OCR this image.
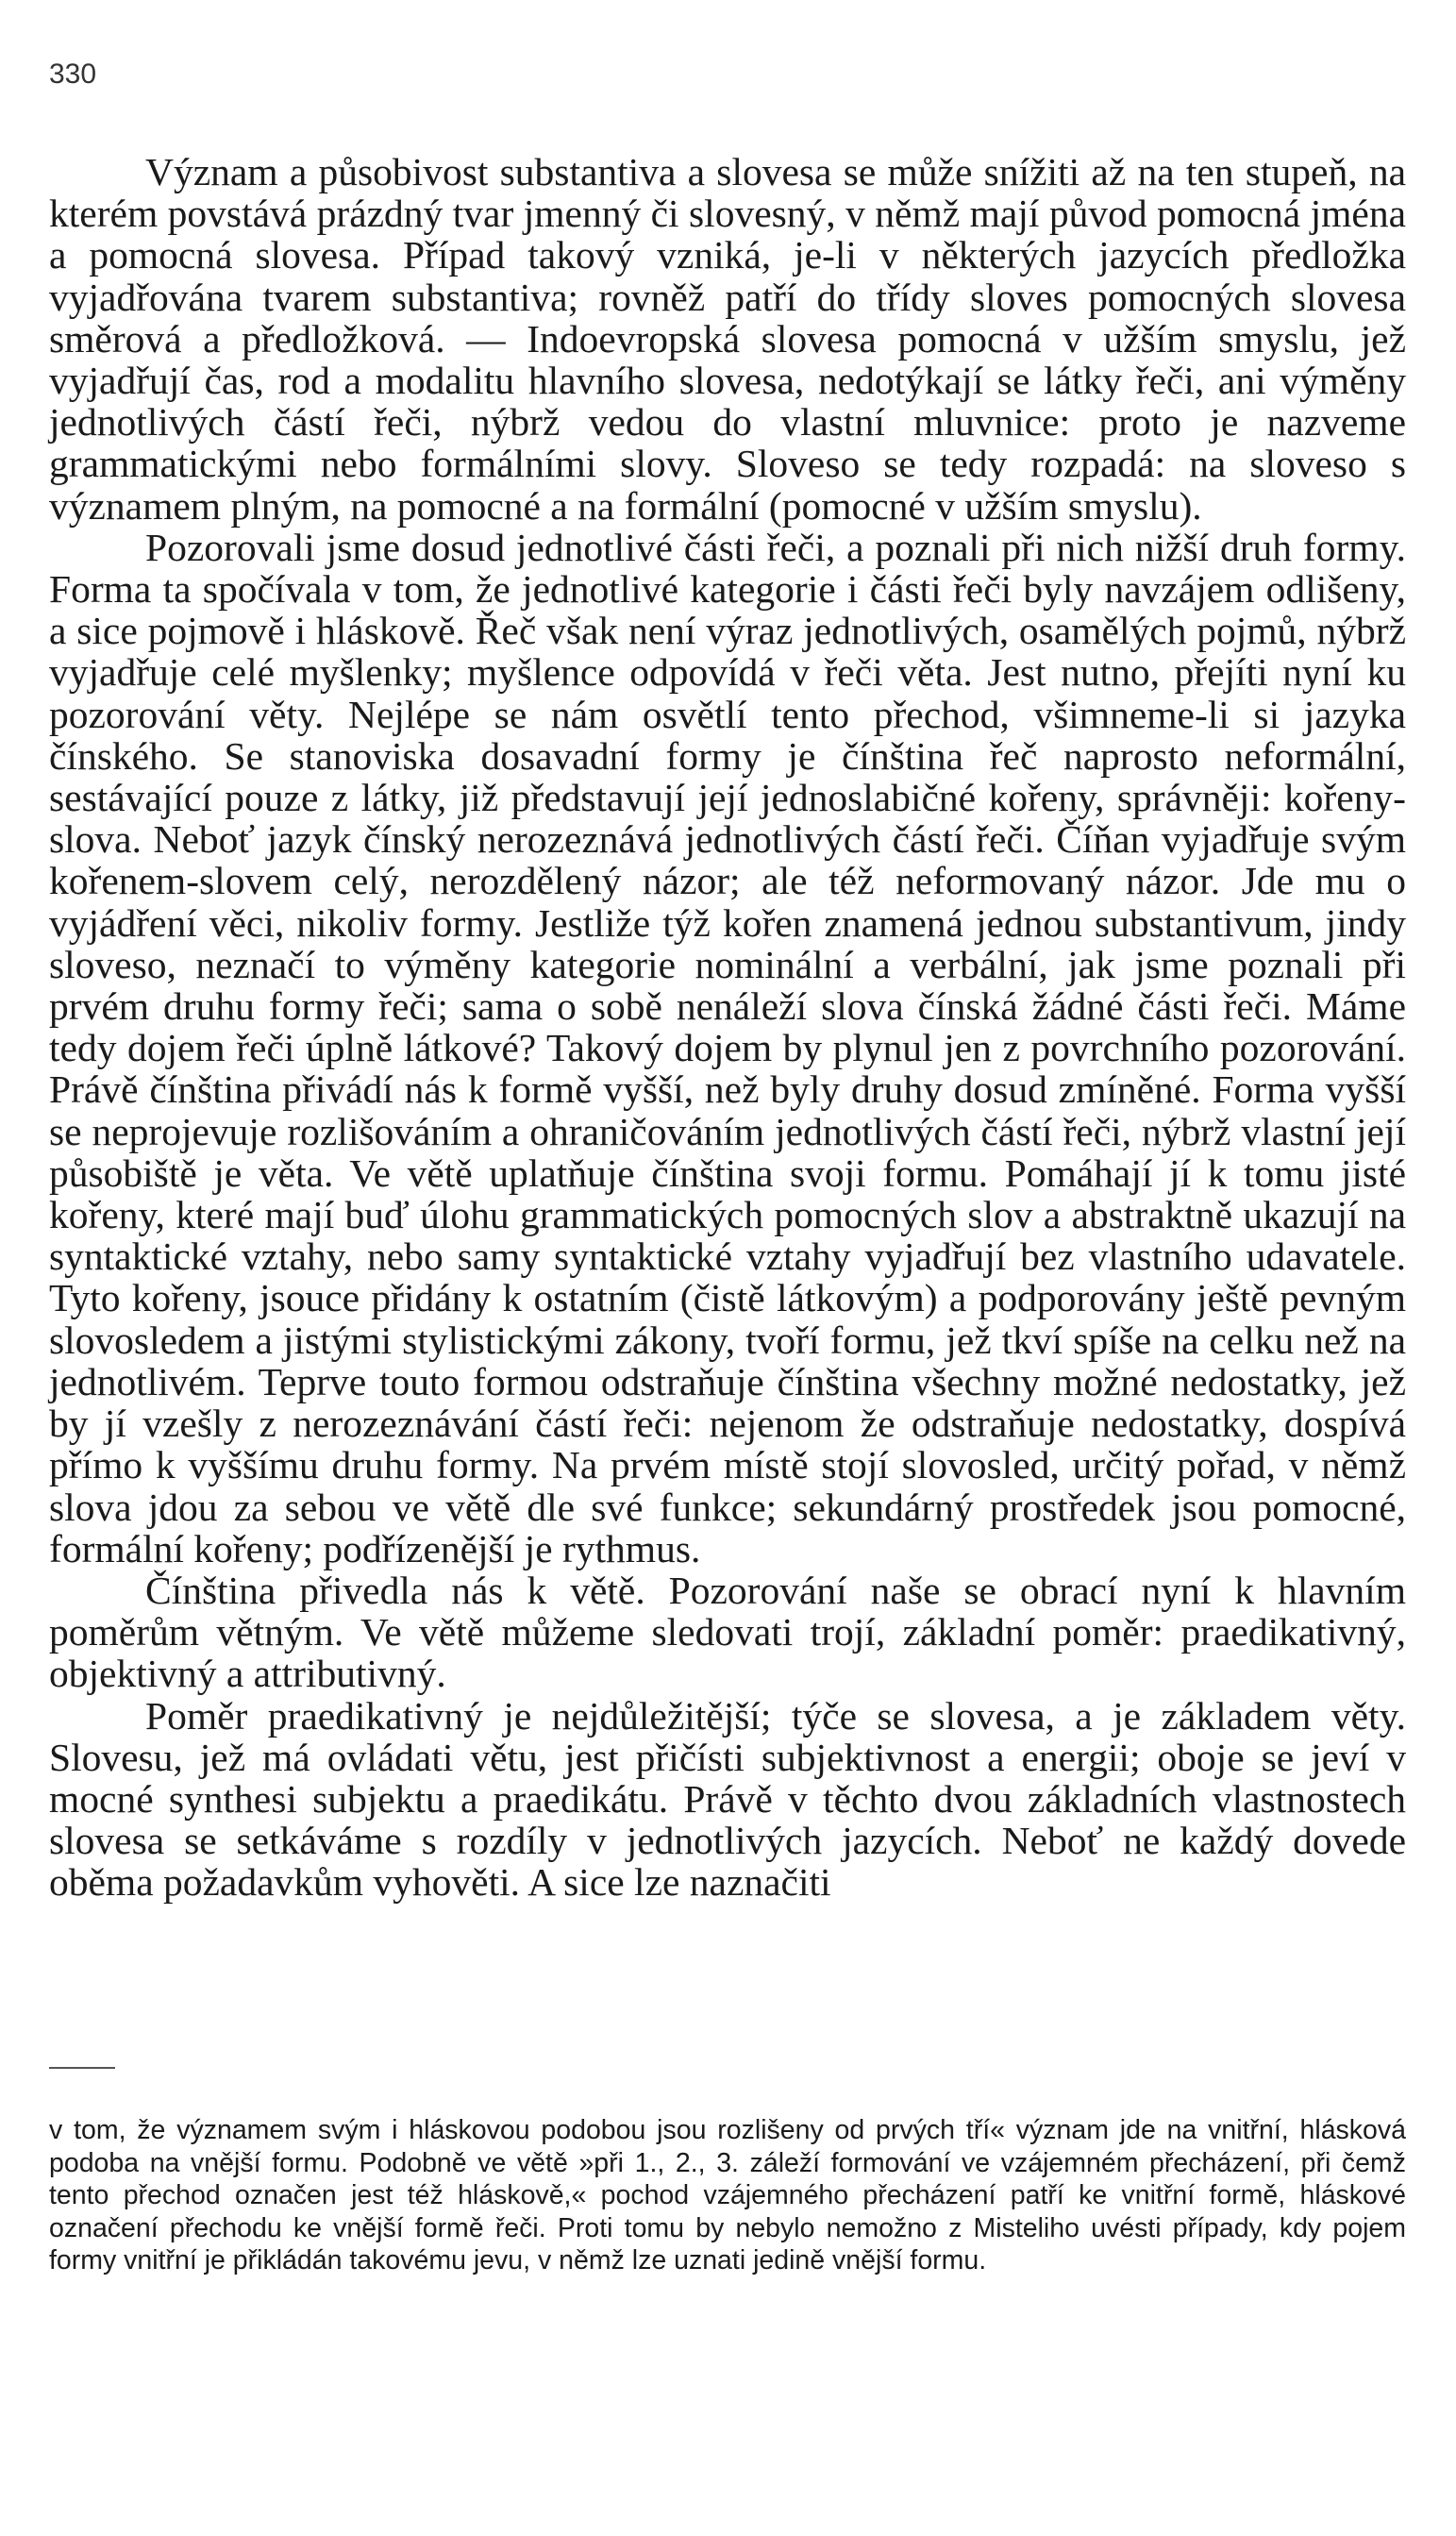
330

Význam a působivost substantiva a slovesa se může snížiti až na ten stupeň, na kterém povstává prázdný tvar jmenný či slovesný, v němž mají původ pomocná jména a pomocná slovesa. Případ takový vzniká, je-li v některých jazycích předložka vyjadřována tvarem substantiva; rovněž patří do třídy sloves pomocných slovesa směrová a předložková. — Indoevropská slovesa pomocná v užším smyslu, jež vyjadřují čas, rod a modalitu hlavního slovesa, nedotýkají se látky řeči, ani výměny jednotlivých částí řeči, nýbrž vedou do vlastní mluvnice: proto je nazveme grammatickými nebo formálními slovy. Sloveso se tedy rozpadá: na sloveso s významem plným, na pomocné a na formální (pomocné v užším smyslu).

Pozorovali jsme dosud jednotlivé části řeči, a poznali při nich nižší druh formy. Forma ta spočívala v tom, že jednotlivé kategorie i části řeči byly navzájem odlišeny, a sice pojmově i hláskově. Řeč však není výraz jednotlivých, osamělých pojmů, nýbrž vyjadřuje celé myšlenky; myšlence odpovídá v řeči věta. Jest nutno, přejíti nyní ku pozorování věty. Nejlépe se nám osvětlí tento přechod, všimneme-li si jazyka čínského. Se stanoviska dosavadní formy je čínština řeč naprosto neformální, sestávající pouze z látky, již představují její jednoslabičné kořeny, správněji: kořeny-slova. Neboť jazyk čínský nerozeznává jednotlivých částí řeči. Číňan vyjadřuje svým kořenem-slovem celý, nerozdělený názor; ale též neformovaný názor. Jde mu o vyjádření věci, nikoliv formy. Jestliže týž kořen znamená jednou substantivum, jindy sloveso, neznačí to výměny kategorie nominální a verbální, jak jsme poznali při prvém druhu formy řeči; sama o sobě nenáleží slova čínská žádné části řeči. Máme tedy dojem řeči úplně látkové? Takový dojem by plynul jen z povrchního pozorování. Právě čínština přivádí nás k formě vyšší, než byly druhy dosud zmíněné. Forma vyšší se neprojevuje rozlišováním a ohraničováním jednotlivých částí řeči, nýbrž vlastní její působiště je věta. Ve větě uplatňuje čínština svoji formu. Pomáhají jí k tomu jisté kořeny, které mají buď úlohu grammatických pomocných slov a abstraktně ukazují na syntaktické vztahy, nebo samy syntaktické vztahy vyjadřují bez vlastního udavatele. Tyto kořeny, jsouce přidány k ostatním (čistě látkovým) a podporovány ještě pevným slovosledem a jistými stylistickými zákony, tvoří formu, jež tkví spíše na celku než na jednotlivém. Teprve touto formou odstraňuje čínština všechny možné nedostatky, jež by jí vzešly z nerozeznávání částí řeči: nejenom že odstraňuje nedostatky, dospívá přímo k vyššímu druhu formy. Na prvém místě stojí slovosled, určitý pořad, v němž slova jdou za sebou ve větě dle své funkce; sekundárný prostředek jsou pomocné, formální kořeny; podřízenější je rythmus.

Čínština přivedla nás k větě. Pozorování naše se obrací nyní k hlavním poměrům větným. Ve větě můžeme sledovati trojí, základní poměr: praedikativný, objektivný a attributivný.

Poměr praedikativný je nejdůležitější; týče se slovesa, a je základem věty. Slovesu, jež má ovládati větu, jest přičísti subjektivnost a energii; oboje se jeví v mocné synthesi subjektu a praedikátu. Právě v těchto dvou základních vlastnostech slovesa se setkáváme s rozdíly v jednotlivých jazycích. Neboť ne každý dovede oběma požadavkům vyhověti. A sice lze naznačiti

v tom, že významem svým i hláskovou podobou jsou rozlišeny od prvých tří« význam jde na vnitřní, hlásková podoba na vnější formu. Podobně ve větě »při 1., 2., 3. záleží formování ve vzájemném přecházení, při čemž tento přechod označen jest též hláskově,« pochod vzájemného přecházení patří ke vnitřní formě, hláskové označení přechodu ke vnější formě řeči. Proti tomu by nebylo nemožno z Misteliho uvésti případy, kdy pojem formy vnitřní je přikládán takovému jevu, v němž lze uznati jedině vnější formu.
